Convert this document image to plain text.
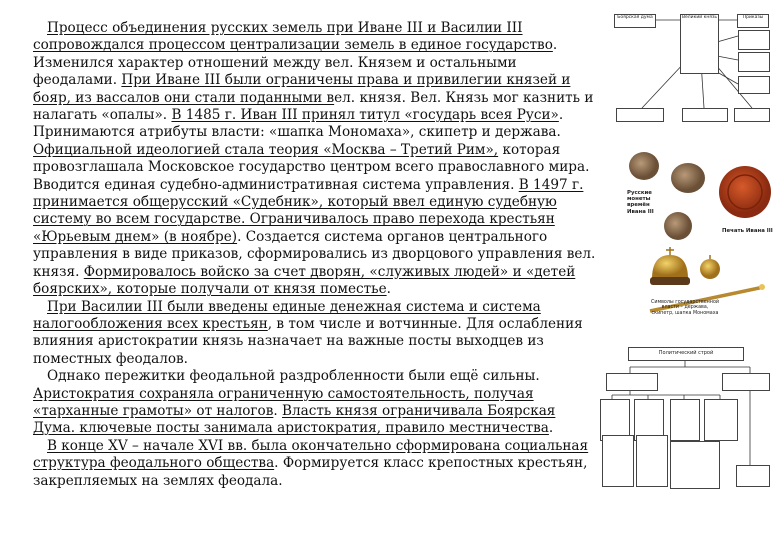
Процесс объединения русских земель при Иване III и Василии III сопровождался процессом централизации земель в единое государство. Изменился характер отношений между вел. Князем и остальными феодалами. При Иване III были ограничены права и привилегии князей и бояр, из вассалов они стали поданными вел. князя. Вел. Князь мог казнить и налагать «опалы». В 1485 г. Иван III принял титул «государь всея Руси». Принимаются атрибуты власти: «шапка Мономаха», скипетр и держава. Официальной идеологией стала теория «Москва – Третий Рим», которая провозглашала Московское государство центром всего православного мира. Вводится единая судебно-административная система управления. В 1497 г. принимается общерусский «Судебник», который ввел единую судебную систему во всем государстве. Ограничивалось право перехода крестьян «Юрьевым днем» (в ноябре). Создается система органов центрального управления в виде приказов, сформировались из дворцового управления вел. князя. Формировалось войско за счет дворян, «служивых людей» и «детей боярских», которые получали от князя поместье.

При Василии III были введены единые денежная система и система налогообложения всех крестьян, в том числе и вотчинные. Для ослабления влияния аристократии князь назначает на важные посты выходцев из поместных феодалов.

Однако пережитки феодальной раздробленности были ещё сильны. Аристократия сохраняла ограниченную самостоятельность, получая «тарханные грамоты» от налогов. Власть князя ограничивала Боярская Дума. ключевые посты занимала аристократия, правило местничества.

В конце XV – начале XVI вв. была окончательно сформирована социальная структура феодального общества. Формируется класс крепостных крестьян, закрепляемых на землях феодала.

Боярская дума	Великий князь	Приказы
Русские монеты времён Ивана III
Печать Ивана III
Символы государственной власти – держава, скипетр, шапка Мономаха
Политический строй
